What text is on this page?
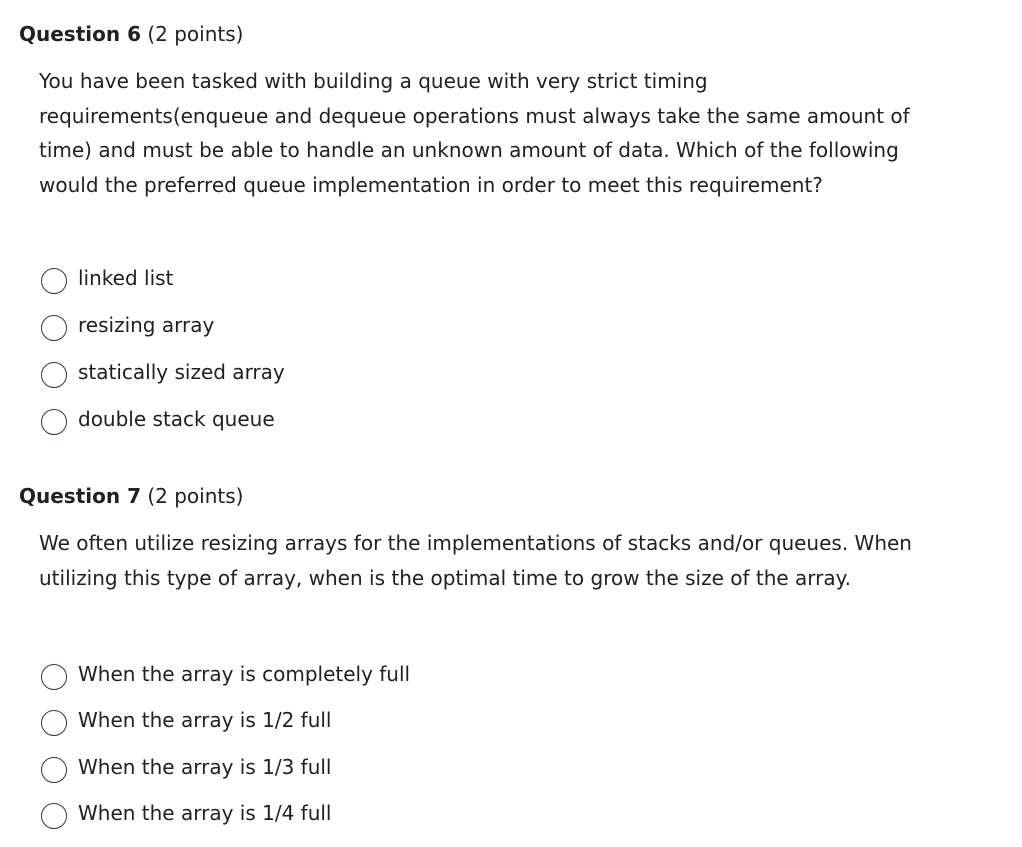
Question 6 (2 points)
You have been tasked with building a queue with very strict timing requirements(enqueue and dequeue operations must always take the same amount of time) and must be able to handle an unknown amount of data. Which of the following would the preferred queue implementation in order to meet this requirement?
linked list
resizing array
statically sized array
double stack queue
Question 7 (2 points)
We often utilize resizing arrays for the implementations of stacks and/or queues. When utilizing this type of array, when is the optimal time to grow the size of the array.
When the array is completely full
When the array is 1/2 full
When the array is 1/3 full
When the array is 1/4 full
